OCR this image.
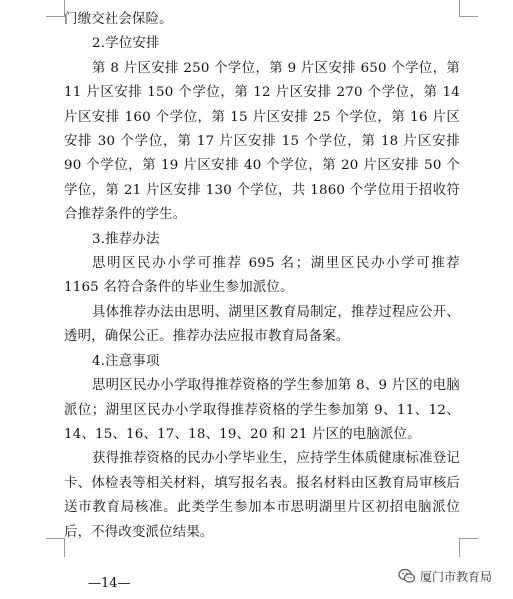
门缴交社会保险。

2.学位安排

第 8 片区安排 250 个学位，第 9 片区安排 650 个学位，第 11 片区安排 150 个学位，第 12 片区安排 270 个学位，第 14 片区安排 160 个学位，第 15 片区安排 25 个学位，第 16 片区安排 30 个学位，第 17 片区安排 15 个学位，第 18 片区安排 90 个学位，第 19 片区安排 40 个学位，第 20 片区安排 50 个学位，第 21 片区安排 130 个学位，共 1860 个学位用于招收符合推荐条件的学生。

3.推荐办法

思明区民办小学可推荐 695 名；湖里区民办小学可推荐 1165 名符合条件的毕业生参加派位。

具体推荐办法由思明、湖里区教育局制定，推荐过程应公开、透明，确保公正。推荐办法应报市教育局备案。

4.注意事项

思明区民办小学取得推荐资格的学生参加第 8、9 片区的电脑派位；湖里区民办小学取得推荐资格的学生参加第 9、11、12、14、15、16、17、18、19、20 和 21 片区的电脑派位。

获得推荐资格的民办小学毕业生，应持学生体质健康标准登记卡、体检表等相关材料，填写报名表。报名材料由区教育局审核后送市教育局核准。此类学生参加本市思明湖里片区初招电脑派位后，不得改变派位结果。

—14—	厦门市教育局
